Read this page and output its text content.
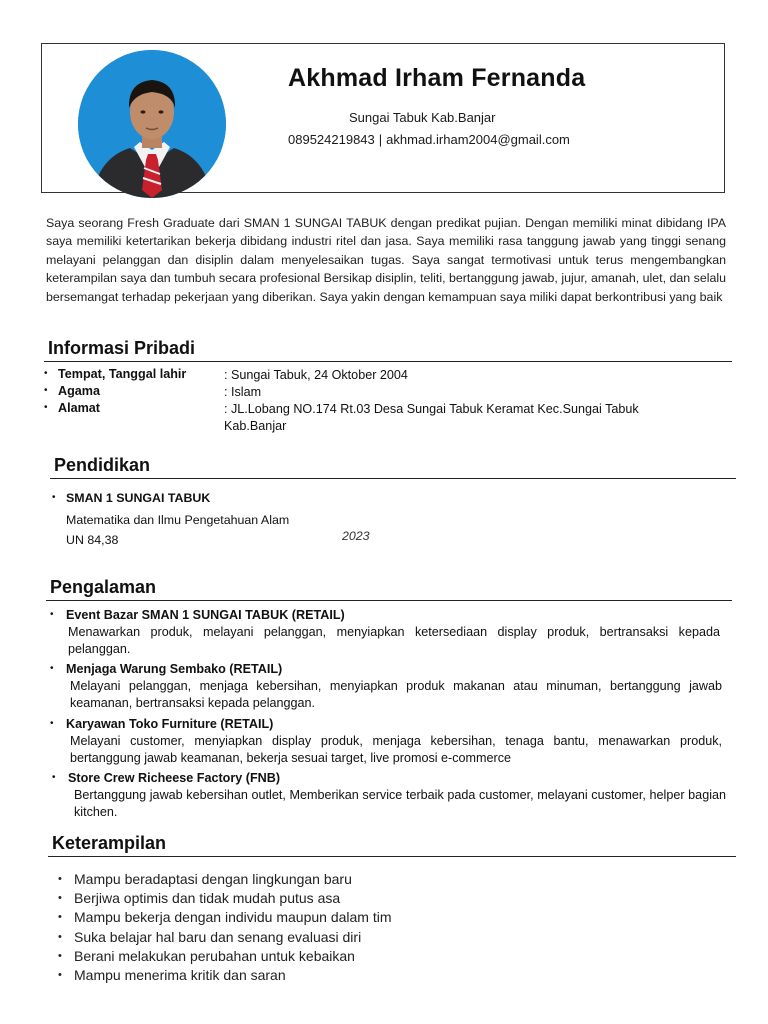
Akhmad Irham Fernanda
Sungai Tabuk Kab.Banjar
089524219843 | akhmad.irham2004@gmail.com
Saya seorang Fresh Graduate dari SMAN 1 SUNGAI TABUK dengan predikat pujian. Dengan memiliki minat dibidang IPA saya memiliki ketertarikan bekerja dibidang industri ritel dan jasa. Saya memiliki rasa tanggung jawab yang tinggi senang melayani pelanggan dan disiplin dalam menyelesaikan tugas. Saya sangat termotivasi untuk terus mengembangkan keterampilan saya dan tumbuh secara profesional Bersikap disiplin, teliti, bertanggung jawab, jujur, amanah, ulet, dan selalu bersemangat terhadap pekerjaan yang diberikan. Saya yakin dengan kemampuan saya miliki dapat berkontribusi yang baik
Informasi Pribadi
• Tempat, Tanggal lahir	: Sungai Tabuk, 24 Oktober 2004
• Agama	: Islam
• Alamat	: JL.Lobang NO.174 Rt.03 Desa Sungai Tabuk Keramat Kec.Sungai Tabuk Kab.Banjar
Pendidikan
• SMAN 1 SUNGAI TABUK
Matematika dan Ilmu Pengetahuan Alam
UN 84,38	2023
Pengalaman
• Event Bazar SMAN 1 SUNGAI TABUK (RETAIL)
Menawarkan produk, melayani pelanggan, menyiapkan ketersediaan display produk, bertransaksi kepada pelanggan.
• Menjaga Warung Sembako (RETAIL)
Melayani pelanggan, menjaga kebersihan, menyiapkan produk makanan atau minuman, bertanggung jawab keamanan, bertransaksi kepada pelanggan.
• Karyawan Toko Furniture (RETAIL)
Melayani customer, menyiapkan display produk, menjaga kebersihan, tenaga bantu, menawarkan produk, bertanggung jawab keamanan, bekerja sesuai target, live promosi e-commerce
• Store Crew Richeese Factory (FNB)
Bertanggung jawab kebersihan outlet, Memberikan service terbaik pada customer, melayani customer, helper bagian kitchen.
Keterampilan
• Mampu beradaptasi dengan lingkungan baru
• Berjiwa optimis dan tidak mudah putus asa
• Mampu bekerja dengan individu maupun dalam tim
• Suka belajar hal baru dan senang evaluasi diri
• Berani melakukan perubahan untuk kebaikan
• Mampu menerima kritik dan saran
